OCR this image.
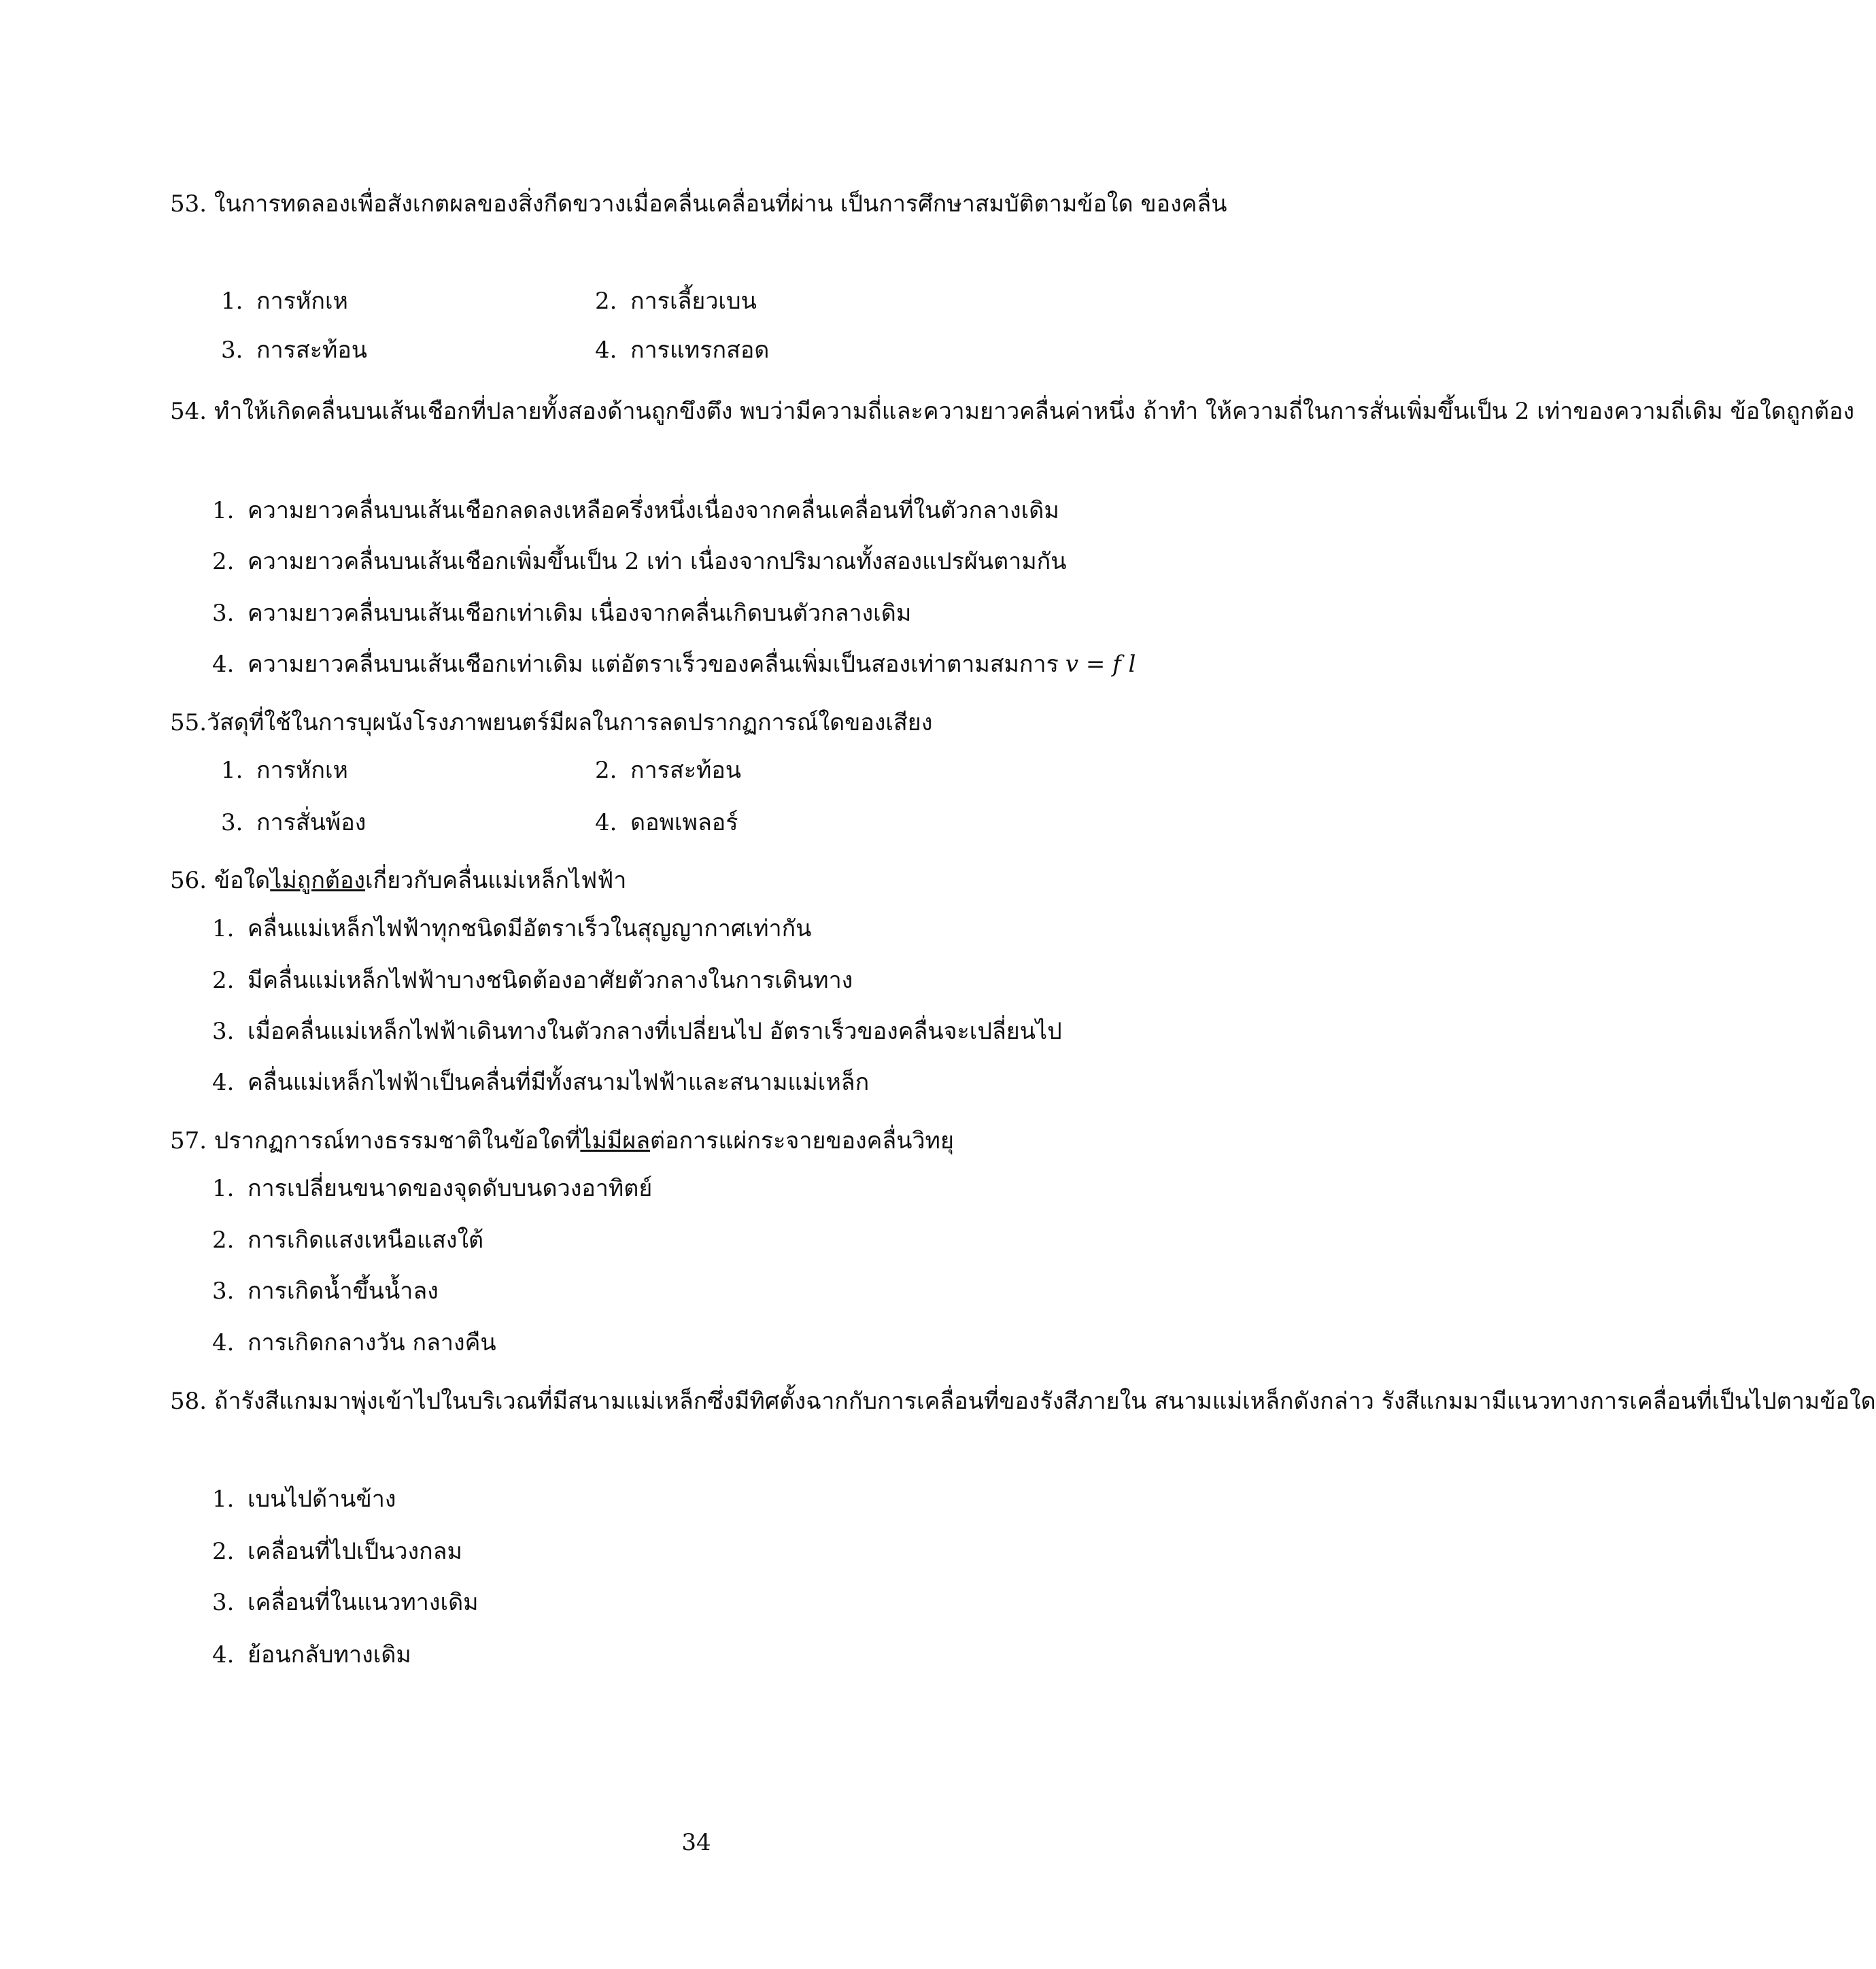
53. ในการทดลองเพื่อสังเกตผลของสิ่งกีดขวางเมื่อคลื่นเคลื่อนที่ผ่าน เป็นการศึกษาสมบัติตามข้อใด ของคลื่น
1. การหักเห	2. การเลี้ยวเบน
3. การสะท้อน	4. การแทรกสอด
54. ทำให้เกิดคลื่นบนเส้นเชือกที่ปลายทั้งสองด้านถูกขึงตึง พบว่ามีความถี่และความยาวคลื่นค่าหนึ่ง ถ้าทำ ให้ความถี่ในการสั่นเพิ่มขึ้นเป็น 2 เท่าของความถี่เดิม ข้อใดถูกต้อง
1. ความยาวคลื่นบนเส้นเชือกลดลงเหลือครึ่งหนึ่งเนื่องจากคลื่นเคลื่อนที่ในตัวกลางเดิม
2. ความยาวคลื่นบนเส้นเชือกเพิ่มขึ้นเป็น 2 เท่า เนื่องจากปริมาณทั้งสองแปรผันตามกัน
3. ความยาวคลื่นบนเส้นเชือกเท่าเดิม เนื่องจากคลื่นเกิดบนตัวกลางเดิม
4. ความยาวคลื่นบนเส้นเชือกเท่าเดิม แต่อัตราเร็วของคลื่นเพิ่มเป็นสองเท่าตามสมการ v = f l
55.วัสดุที่ใช้ในการบุผนังโรงภาพยนตร์มีผลในการลดปรากฏการณ์ใดของเสียง
1. การหักเห	2. การสะท้อน
3. การสั่นพ้อง	4. ดอพเพลอร์
56. ข้อใดไม่ถูกต้องเกี่ยวกับคลื่นแม่เหล็กไฟฟ้า
1. คลื่นแม่เหล็กไฟฟ้าทุกชนิดมีอัตราเร็วในสุญญากาศเท่ากัน
2. มีคลื่นแม่เหล็กไฟฟ้าบางชนิดต้องอาศัยตัวกลางในการเดินทาง
3. เมื่อคลื่นแม่เหล็กไฟฟ้าเดินทางในตัวกลางที่เปลี่ยนไป อัตราเร็วของคลื่นจะเปลี่ยนไป
4. คลื่นแม่เหล็กไฟฟ้าเป็นคลื่นที่มีทั้งสนามไฟฟ้าและสนามแม่เหล็ก
57. ปรากฏการณ์ทางธรรมชาติในข้อใดที่ไม่มีผลต่อการแผ่กระจายของคลื่นวิทยุ
1. การเปลี่ยนขนาดของจุดดับบนดวงอาทิตย์
2. การเกิดแสงเหนือแสงใต้
3. การเกิดน้ำขึ้นน้ำลง
4. การเกิดกลางวัน กลางคืน
58. ถ้ารังสีแกมมาพุ่งเข้าไปในบริเวณที่มีสนามแม่เหล็กซึ่งมีทิศตั้งฉากกับการเคลื่อนที่ของรังสีภายใน สนามแม่เหล็กดังกล่าว รังสีแกมมามีแนวทางการเคลื่อนที่เป็นไปตามข้อใด
1. เบนไปด้านข้าง
2. เคลื่อนที่ไปเป็นวงกลม
3. เคลื่อนที่ในแนวทางเดิม
4. ย้อนกลับทางเดิม
34
